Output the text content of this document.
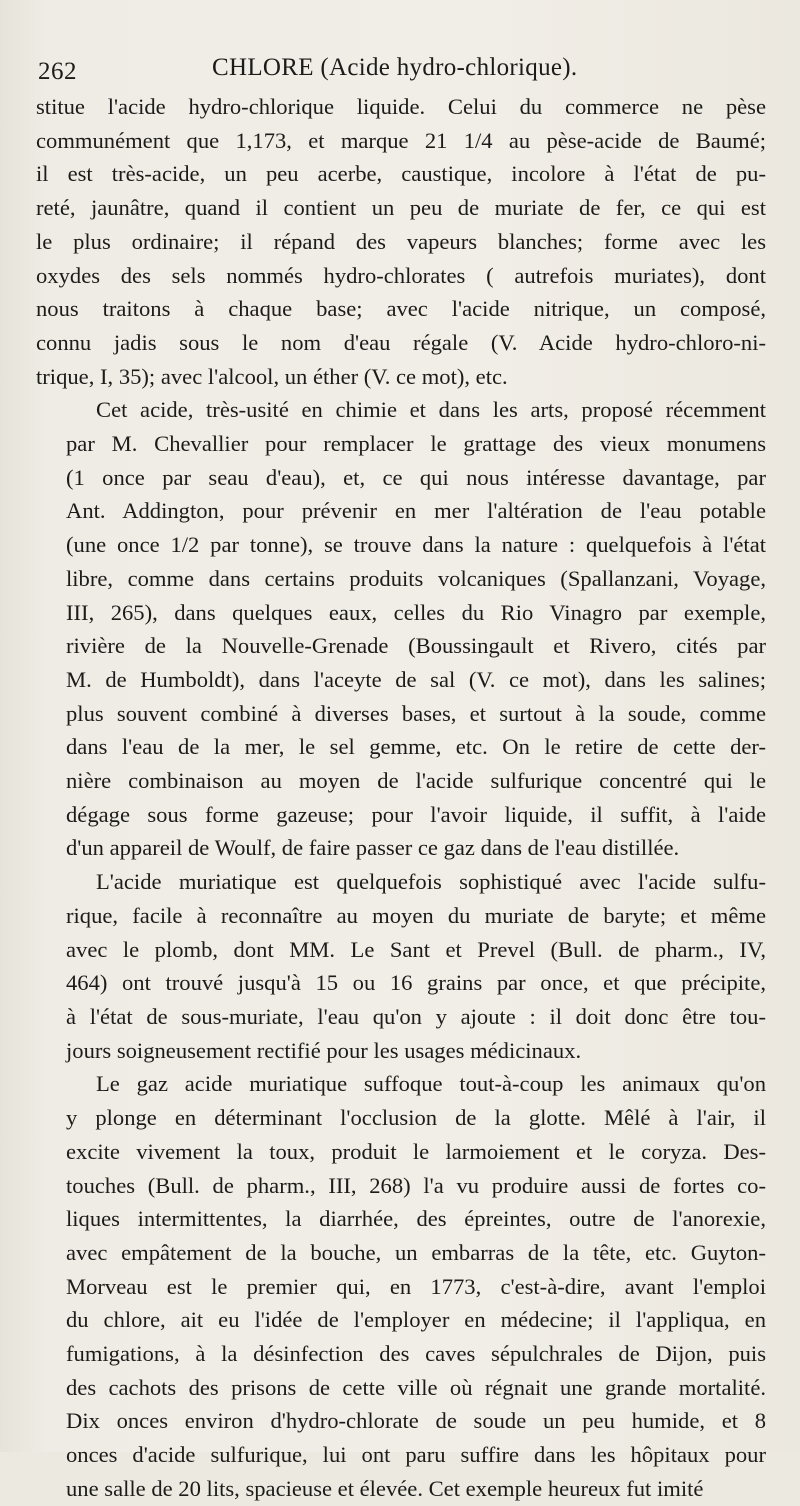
262	CHLORE (Acide hydro-chlorique).

stitue l'acide hydro-chlorique liquide. Celui du commerce ne pèse
communément que 1,173, et marque 21 1/4 au pèse-acide de Baumé;
il est très-acide, un peu acerbe, caustique, incolore à l'état de pu-
reté, jaunâtre, quand il contient un peu de muriate de fer, ce qui est
le plus ordinaire; il répand des vapeurs blanches; forme avec les
oxydes des sels nommés hydro-chlorates ( autrefois muriates), dont
nous traitons à chaque base; avec l'acide nitrique, un composé,
connu jadis sous le nom d'eau régale (V. Acide hydro-chloro-ni-
trique, I, 35); avec l'alcool, un éther (V. ce mot), etc.

Cet acide, très-usité en chimie et dans les arts, proposé récemment
par M. Chevallier pour remplacer le grattage des vieux monumens
(1 once par seau d'eau), et, ce qui nous intéresse davantage, par
Ant. Addington, pour prévenir en mer l'altération de l'eau potable
(une once 1/2 par tonne), se trouve dans la nature : quelquefois à l'état
libre, comme dans certains produits volcaniques (Spallanzani, Voyage,
III, 265), dans quelques eaux, celles du Rio Vinagro par exemple,
rivière de la Nouvelle-Grenade (Boussingault et Rivero, cités par
M. de Humboldt), dans l'aceyte de sal (V. ce mot), dans les salines;
plus souvent combiné à diverses bases, et surtout à la soude, comme
dans l'eau de la mer, le sel gemme, etc. On le retire de cette der-
nière combinaison au moyen de l'acide sulfurique concentré qui le
dégage sous forme gazeuse; pour l'avoir liquide, il suffit, à l'aide
d'un appareil de Woulf, de faire passer ce gaz dans de l'eau distillée.

L'acide muriatique est quelquefois sophistiqué avec l'acide sulfu-
rique, facile à reconnaître au moyen du muriate de baryte; et même
avec le plomb, dont MM. Le Sant et Prevel (Bull. de pharm., IV,
464) ont trouvé jusqu'à 15 ou 16 grains par once, et que précipite,
à l'état de sous-muriate, l'eau qu'on y ajoute : il doit donc être tou-
jours soigneusement rectifié pour les usages médicinaux.

Le gaz acide muriatique suffoque tout-à-coup les animaux qu'on
y plonge en déterminant l'occlusion de la glotte. Mêlé à l'air, il
excite vivement la toux, produit le larmoiement et le coryza. Des-
touches (Bull. de pharm., III, 268) l'a vu produire aussi de fortes co-
liques intermittentes, la diarrhée, des épreintes, outre de l'anorexie,
avec empâtement de la bouche, un embarras de la tête, etc. Guyton-
Morveau est le premier qui, en 1773, c'est-à-dire, avant l'emploi
du chlore, ait eu l'idée de l'employer en médecine; il l'appliqua, en
fumigations, à la désinfection des caves sépulchrales de Dijon, puis
des cachots des prisons de cette ville où régnait une grande mortalité.
Dix onces environ d'hydro-chlorate de soude un peu humide, et 8
onces d'acide sulfurique, lui ont paru suffire dans les hôpitaux pour
une salle de 20 lits, spacieuse et élevée. Cet exemple heureux fut imité
